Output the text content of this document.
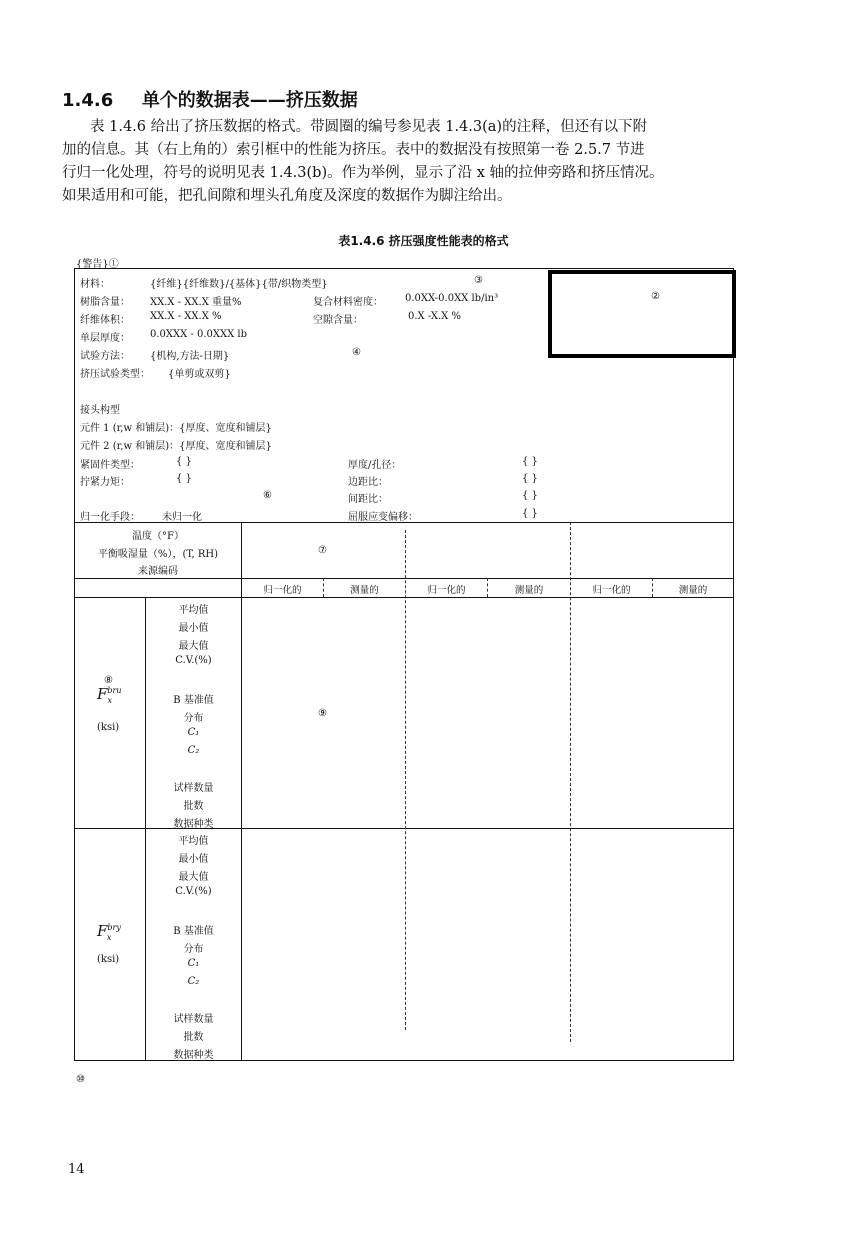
1.4.6 单个的数据表——挤压数据

表 1.4.6 给出了挤压数据的格式。带圆圈的编号参见表 1.4.3(a)的注释，但还有以下附

加的信息。其（右上角的）索引框中的性能为挤压。表中的数据没有按照第一卷 2.5.7 节进

行归一化处理，符号的说明见表 1.4.3(b)。作为举例，显示了沿 x 轴的拉伸旁路和挤压情况。

如果适用和可能，把孔间隙和埋头孔角度及深度的数据作为脚注给出。

表1.4.6 挤压强度性能表的格式
②
{警告}①
材料：	{纤维}{纤维数}/{基体}{带/织物类型}	③
树脂含量： XX.X - XX.X 重量%	复合材料密度： 0.0XX-0.0XX lb/in³
纤维体积： XX.X - XX.X %	空隙含量：	0.X -X.X %
单层厚度： 0.0XXX - 0.0XXX lb
试验方法： {机构,方法-日期}	④
挤压试验类型： {单剪或双剪}
接头构型
元件 1 (r,w 和铺层)：{厚度、宽度和铺层}
元件 2 (r,w 和铺层)：{厚度、宽度和铺层}
紧固件类型：	{ }	厚度/孔径：	{ }
拧紧力矩：	{ }	边距比：	{ }
⑥	间距比：	{ }
归一化手段： 未归一化	屈服应变偏移：	{ }
温度（°F）
平衡吸湿量（%），(T, RH)
来源编码
⑦
归一化的	测量的	归一化的	测量的	归一化的	测量的
⑧
$F^{bru}_x$
(ksi)
⑨
平均值
最小值
最大值
C.V.(%)
B 基准值
分布
C₁
C₂
试样数量
批数
数据种类
$F^{bry}_x$
(ksi)
平均值
最小值
最大值
C.V.(%)
B 基准值
分布
C₁
C₂
试样数量
批数
数据种类
⑩
14
